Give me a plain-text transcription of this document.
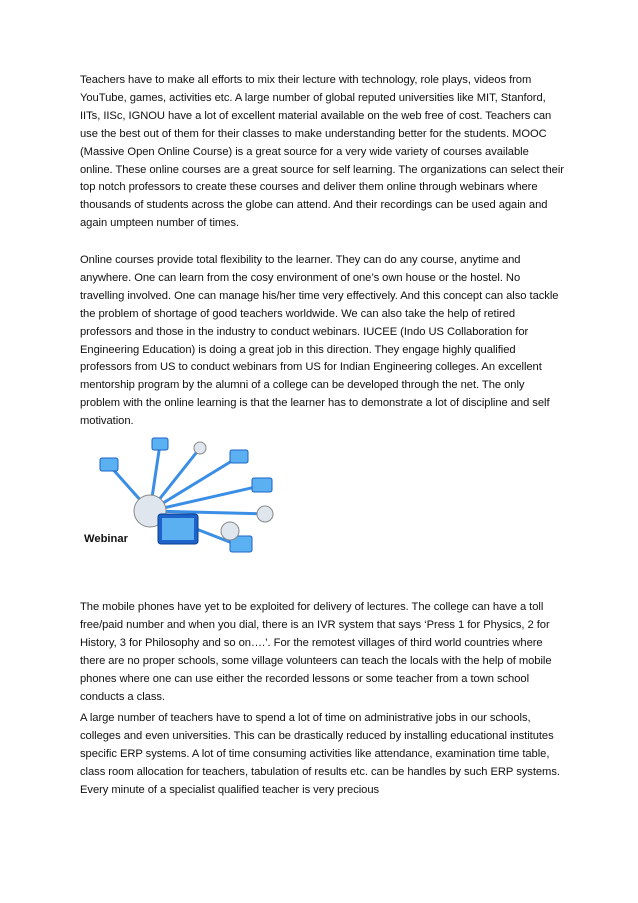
Teachers have to make all efforts to mix their lecture with technology, role plays, videos from YouTube, games, activities etc. A large number of global reputed universities like MIT, Stanford, IITs, IISc, IGNOU have a lot of excellent material available on the web free of cost. Teachers can use the best out of them for their classes to make understanding better for the students. MOOC (Massive Open Online Course) is a great source for a very wide variety of courses available online. These online courses are a great source for self learning. The organizations can select their top notch professors to create these courses and deliver them online through webinars where thousands of students across the globe can attend. And their recordings can be used again and again umpteen number of times.

Online courses provide total flexibility to the learner. They can do any course, anytime and anywhere. One can learn from the cosy environment of one’s own house or the hostel. No travelling involved. One can manage his/her time very effectively. And this concept can also tackle the problem of shortage of good teachers worldwide. We can also take the help of retired professors and those in the industry to conduct webinars. IUCEE (Indo US Collaboration for Engineering Education) is doing a great job in this direction. They engage highly qualified professors from US to conduct webinars from US for Indian Engineering colleges. An excellent mentorship program by the alumni of a college can be developed through the net. The only problem with the online learning is that the learner has to demonstrate a lot of discipline and self motivation.

Webinar

The mobile phones have yet to be exploited for delivery of lectures. The college can have a toll free/paid number and when you dial, there is an IVR system that says ‘Press 1 for Physics, 2 for History, 3 for Philosophy and so on….’. For the remotest villages of third world countries where there are no proper schools, some village volunteers can teach the locals with the help of mobile phones where one can use either the recorded lessons or some teacher from a town school conducts a class.

A large number of teachers have to spend a lot of time on administrative jobs in our schools, colleges and even universities. This can be drastically reduced by installing educational institutes specific ERP systems. A lot of time consuming activities like attendance, examination time table, class room allocation for teachers, tabulation of results etc. can be handles by such ERP systems. Every minute of a specialist qualified teacher is very precious
